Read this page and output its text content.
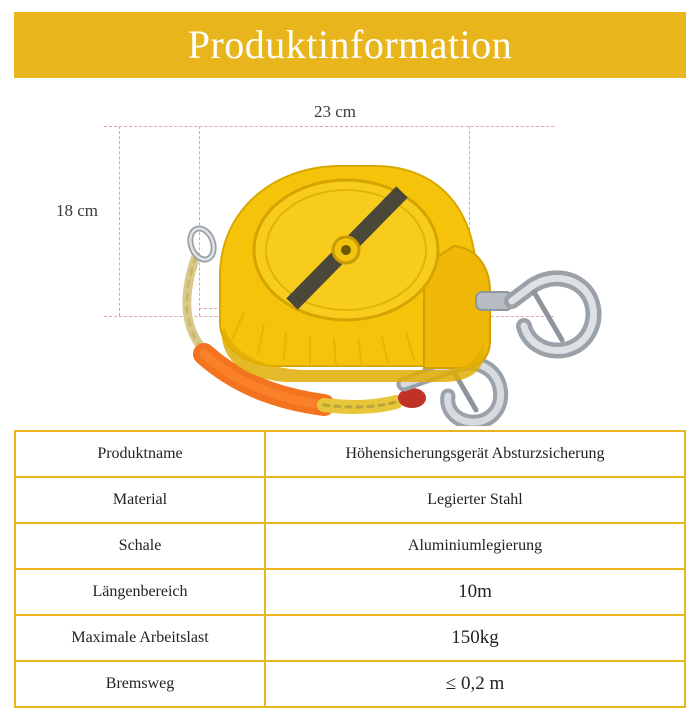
Produktinformation
23 cm
18 cm
Produktname	Höhensicherungsgerät Absturzsicherung
Material	Legierter Stahl
Schale	Aluminiumlegierung
Längenbereich	10m
Maximale Arbeitslast	150kg
Bremsweg	≤ 0,2 m
